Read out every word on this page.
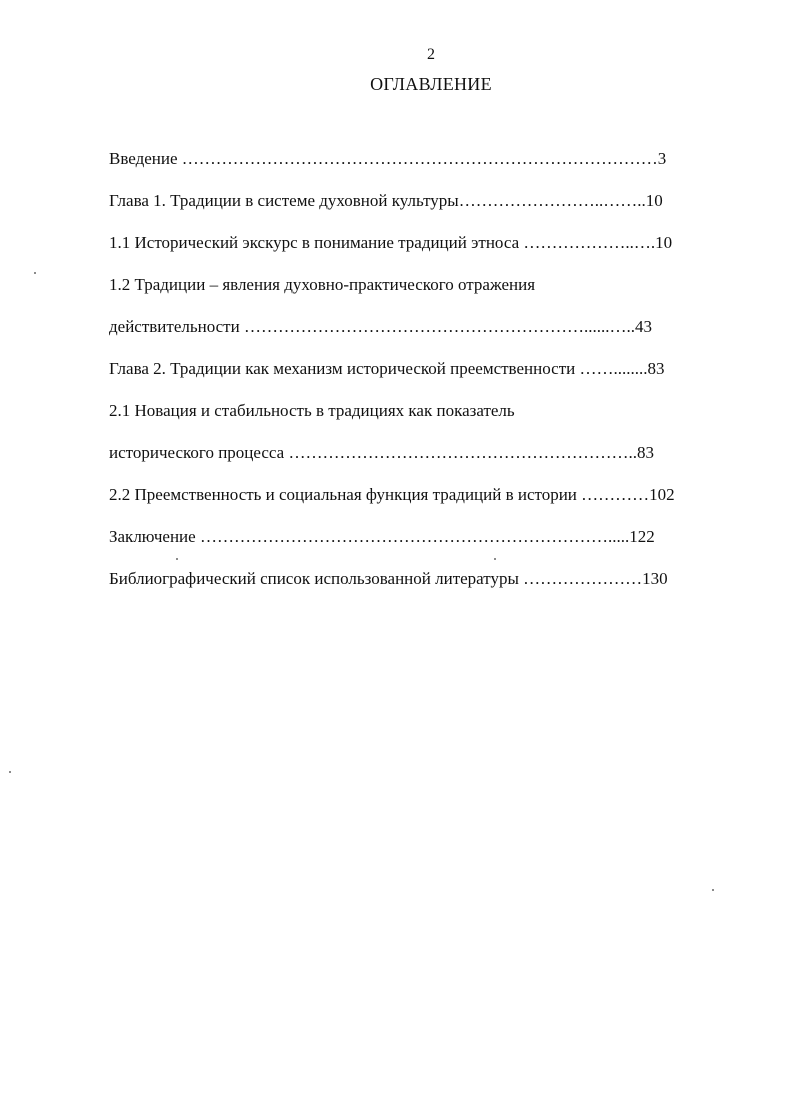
2
ОГЛАВЛЕНИЕ
Введение …………………………………………………………………………3
Глава 1. Традиции в системе духовной культуры……………………..……..10
1.1 Исторический экскурс в понимание традиций этноса ………………..….10
1.2 Традиции – явления духовно-практического отражения
действительности ……………………………………………………......…..43
Глава 2. Традиции как механизм исторической преемственности ……........83
2.1 Новация и стабильность в традициях как показатель
исторического процесса ……………………………………………………..83
2.2 Преемственность и социальная функция традиций в истории …………102
Заключение ……………………………………………………………….....122
Библиографический список использованной литературы …………………130
